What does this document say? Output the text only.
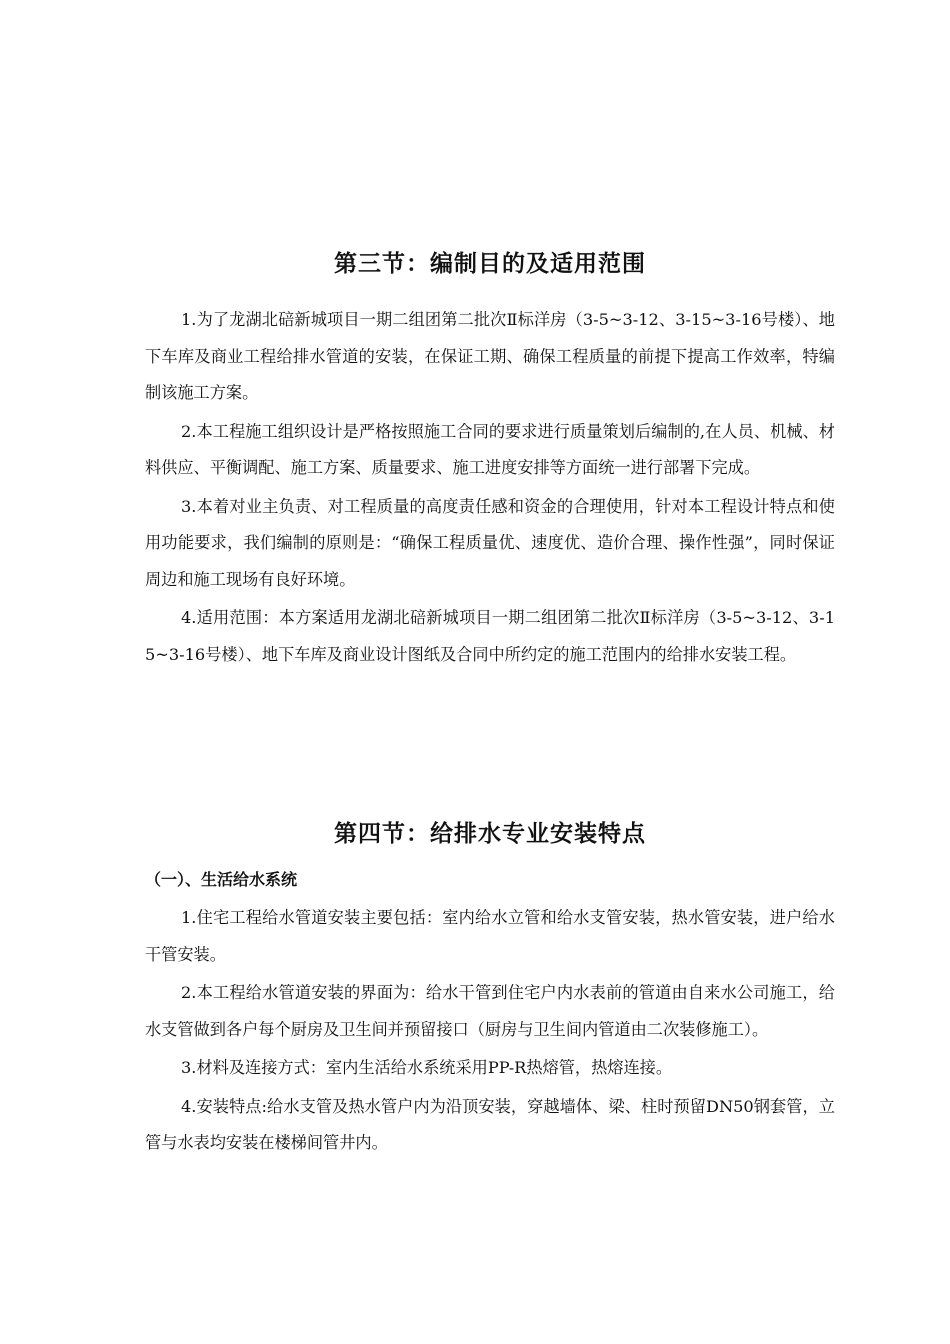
第三节：编制目的及适用范围

1.为了龙湖北碚新城项目一期二组团第二批次Ⅱ标洋房（3-5~3-12、3-15~3-16号楼）、地下车库及商业工程给排水管道的安装，在保证工期、确保工程质量的前提下提高工作效率，特编制该施工方案。

2.本工程施工组织设计是严格按照施工合同的要求进行质量策划后编制的,在人员、机械、材料供应、平衡调配、施工方案、质量要求、施工进度安排等方面统一进行部署下完成。

3.本着对业主负责、对工程质量的高度责任感和资金的合理使用，针对本工程设计特点和使用功能要求，我们编制的原则是：“确保工程质量优、速度优、造价合理、操作性强”，同时保证周边和施工现场有良好环境。

4.适用范围：本方案适用龙湖北碚新城项目一期二组团第二批次Ⅱ标洋房（3-5~3-12、3-15~3-16号楼）、地下车库及商业设计图纸及合同中所约定的施工范围内的给排水安装工程。

第四节：给排水专业安装特点
（一）、生活给水系统

1.住宅工程给水管道安装主要包括：室内给水立管和给水支管安装，热水管安装，进户给水干管安装。

2.本工程给水管道安装的界面为：给水干管到住宅户内水表前的管道由自来水公司施工，给水支管做到各户每个厨房及卫生间并预留接口（厨房与卫生间内管道由二次装修施工）。

3.材料及连接方式：室内生活给水系统采用PP-R热熔管，热熔连接。

4.安装特点:给水支管及热水管户内为沿顶安装，穿越墙体、梁、柱时预留DN50钢套管，立管与水表均安装在楼梯间管井内。
